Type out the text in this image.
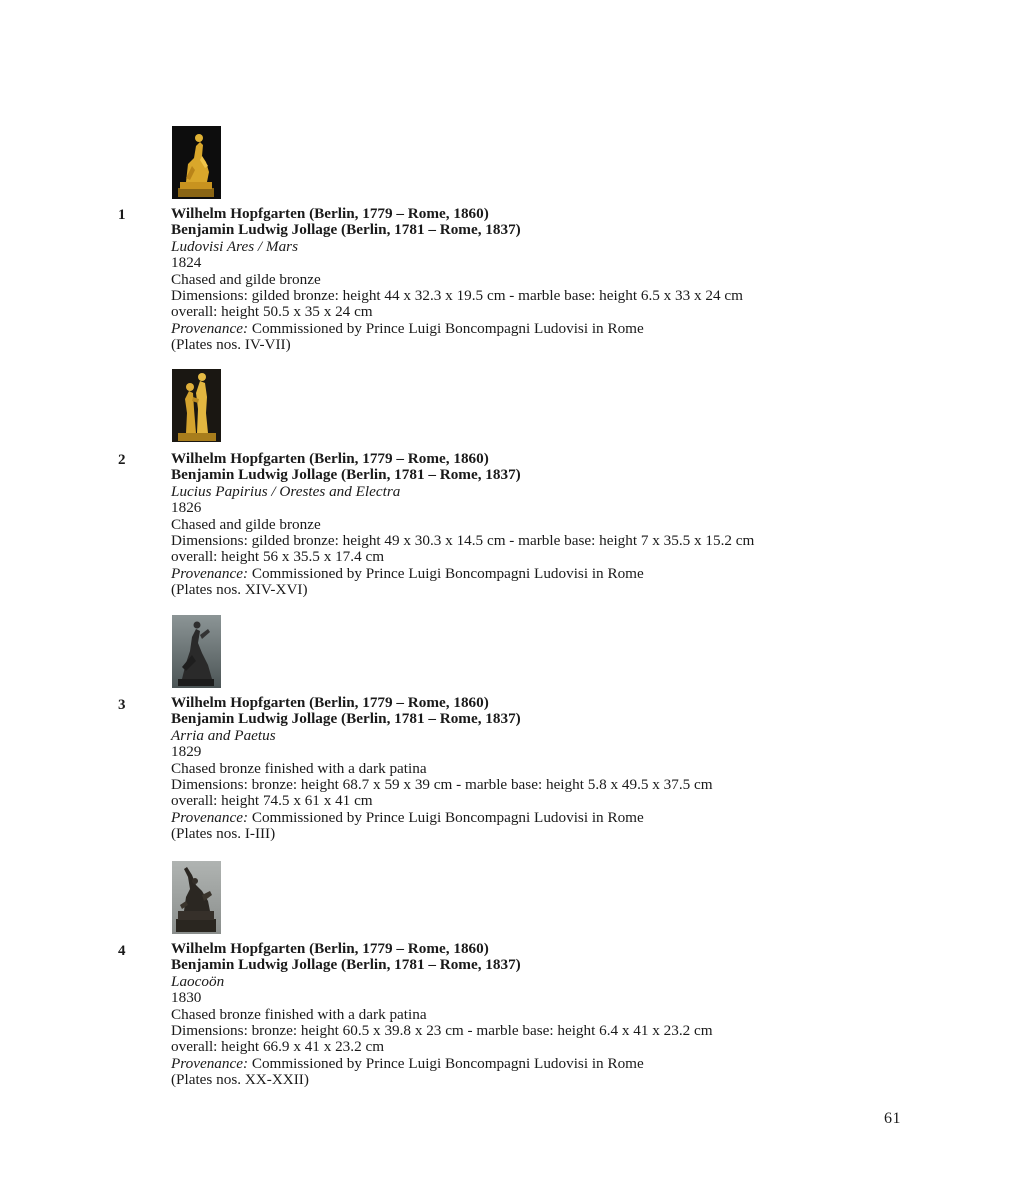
1	Wilhelm Hopfgarten (Berlin, 1779 – Rome, 1860)
Benjamin Ludwig Jollage (Berlin, 1781 – Rome, 1837)
Ludovisi Ares / Mars
1824
Chased and gilde bronze
Dimensions: gilded bronze: height 44 x 32.3 x 19.5 cm - marble base: height 6.5 x 33 x 24 cm
overall: height 50.5 x 35 x 24 cm
Provenance: Commissioned by Prince Luigi Boncompagni Ludovisi in Rome
(Plates nos. IV-VII)
2	Wilhelm Hopfgarten (Berlin, 1779 – Rome, 1860)
Benjamin Ludwig Jollage (Berlin, 1781 – Rome, 1837)
Lucius Papirius / Orestes and Electra
1826
Chased and gilde bronze
Dimensions: gilded bronze: height 49 x 30.3 x 14.5 cm - marble base: height 7 x 35.5 x 15.2 cm
overall: height 56 x 35.5 x 17.4 cm
Provenance: Commissioned by Prince Luigi Boncompagni Ludovisi in Rome
(Plates nos. XIV-XVI)
3	Wilhelm Hopfgarten (Berlin, 1779 – Rome, 1860)
Benjamin Ludwig Jollage (Berlin, 1781 – Rome, 1837)
Arria and Paetus
1829
Chased bronze finished with a dark patina
Dimensions: bronze: height 68.7 x 59 x 39 cm - marble base: height 5.8 x 49.5 x 37.5 cm
overall: height 74.5 x 61 x 41 cm
Provenance: Commissioned by Prince Luigi Boncompagni Ludovisi in Rome
(Plates nos. I-III)
4	Wilhelm Hopfgarten (Berlin, 1779 – Rome, 1860)
Benjamin Ludwig Jollage (Berlin, 1781 – Rome, 1837)
Laocoön
1830
Chased bronze finished with a dark patina
Dimensions: bronze: height 60.5 x 39.8 x 23 cm - marble base: height 6.4 x 41 x 23.2 cm
overall: height 66.9 x 41 x 23.2 cm
Provenance: Commissioned by Prince Luigi Boncompagni Ludovisi in Rome
(Plates nos. XX-XXII)
61
